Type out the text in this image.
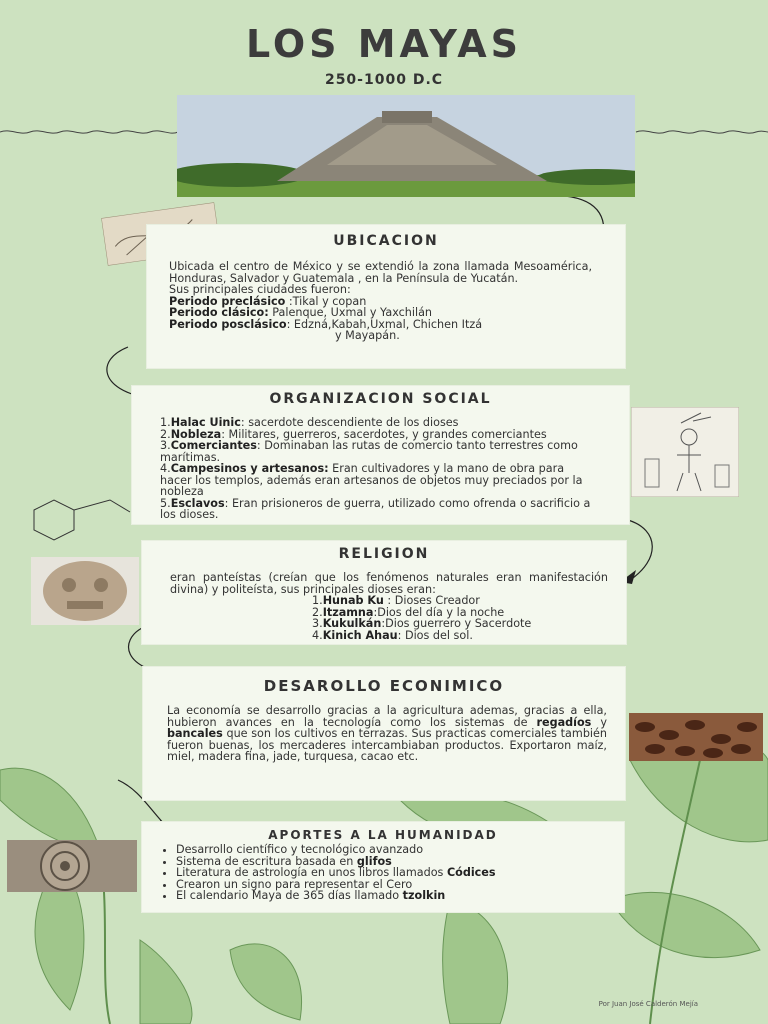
LOS MAYAS
250-1000 D.C
UBICACION

Ubicada el centro de México y se extendió la zona llamada Mesoamérica, Honduras, Salvador y Guatemala , en la Península de Yucatán.

Sus principales ciudades fueron:

Periodo preclásico :Tikal y copan

Periodo clásico: Palenque, Uxmal y Yaxchilán

Periodo posclásico: Edzná,Kabah,Uxmal, Chichen Itzá

y Mayapán.

ORGANIZACION SOCIAL

1.Halac Uinic: sacerdote descendiente de los dioses

2.Nobleza: Militares, guerreros, sacerdotes, y grandes comerciantes

3.Comerciantes: Dominaban las rutas de comercio tanto terrestres como marítimas.

4.Campesinos y artesanos: Eran cultivadores y la mano de obra para hacer los templos, además eran artesanos de objetos muy preciados por la nobleza

5.Esclavos: Eran prisioneros de guerra, utilizado como ofrenda o sacrificio a los dioses.

RELIGION

eran panteístas (creían que los fenómenos naturales eran manifestación divina) y politeísta, sus principales dioses eran:

1.Hunab Ku : Dioses Creador

2.Itzamna:Dios del día y la noche

3.Kukulkán:Dios guerrero y Sacerdote

4.Kinich Ahau: Dios del sol.

DESAROLLO ECONIMICO

La economía se desarrollo gracias a la agricultura ademas, gracias a ella, hubieron avances en la tecnología como los sistemas de regadíos y bancales que son los cultivos en terrazas. Sus practicas comerciales también fueron buenas, los mercaderes intercambiaban productos. Exportaron maíz, miel, madera fina, jade, turquesa, cacao etc.

APORTES A LA HUMANIDAD
• Desarrollo científico y tecnológico avanzado
• Sistema de escritura basada en glifos
• Literatura de astrología en unos libros llamados Códices
• Crearon un signo para representar el Cero
• El calendario Maya de 365 días llamado tzolkin
Por Juan José Calderón Mejía
